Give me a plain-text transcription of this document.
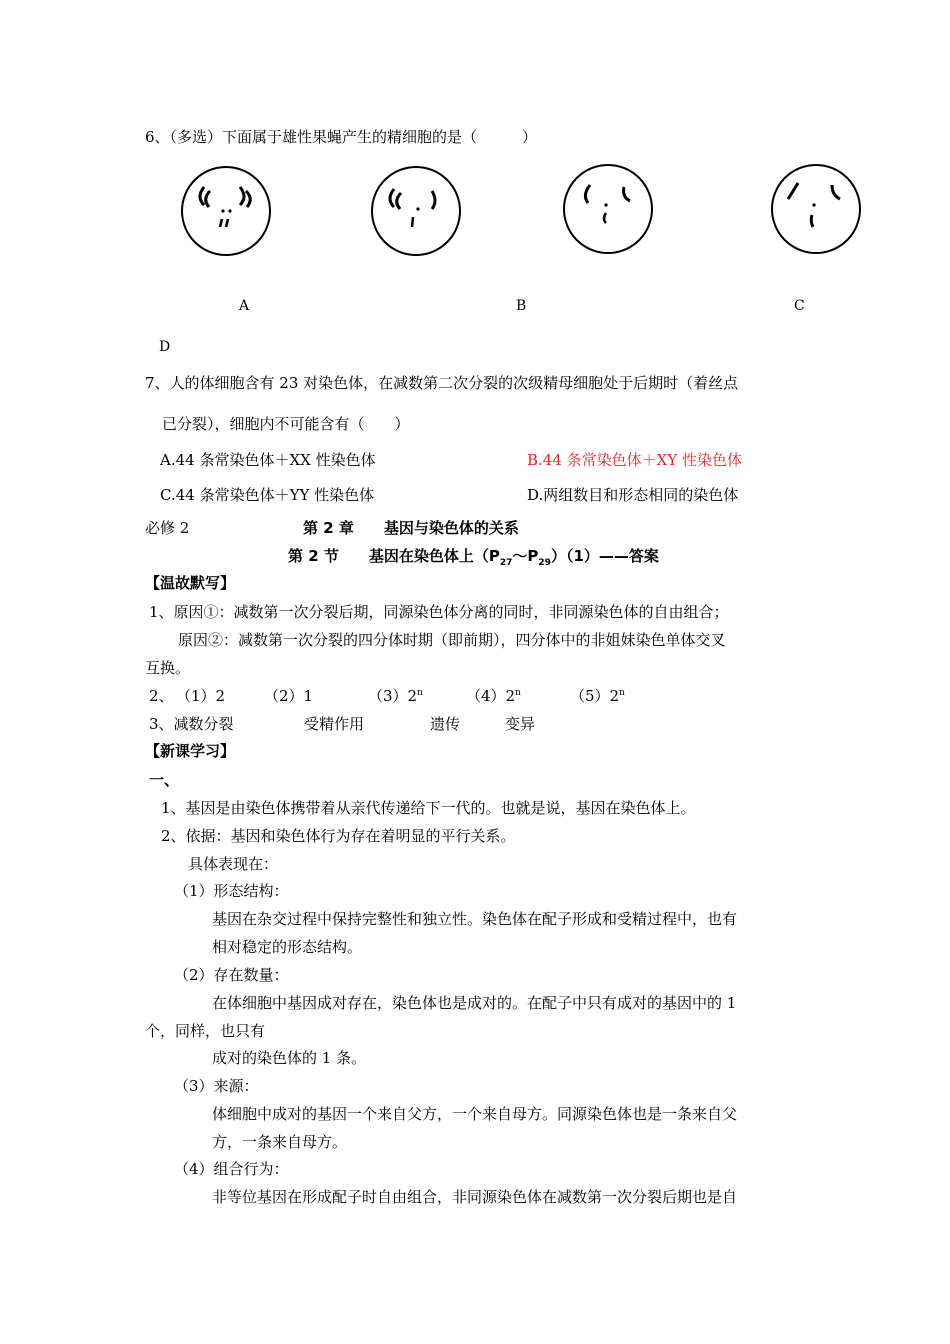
6、（多选）下面属于雄性果蝇产生的精细胞的是（　　　）
A	B	C
D
7、人的体细胞含有 23 对染色体，在减数第二次分裂的次级精母细胞处于后期时（着丝点
已分裂），细胞内不可能含有（　　）
A.44 条常染色体＋XX 性染色体	B.44 条常染色体＋XY 性染色体
C.44 条常染色体＋YY 性染色体	D.两组数目和形态相同的染色体
必修 2	第 2 章　　基因与染色体的关系
第 2 节　　基因在染色体上$(P_{27}\sim P_{29})(1)——$答案
【温故默写】
1、原因①：减数第一次分裂后期，同源染色体分离的同时，非同源染色体的自由组合；
原因②：减数第一次分裂的四分体时期（即前期），四分体中的非姐妹染色单体交叉
互换。
2、 （1）2	（2）1	（3）2$^n$	（4）2$^n$	（5）2$^n$
3、减数分裂	受精作用	遗传	变异
【新课学习】
一、
1、基因是由染色体携带着从亲代传递给下一代的。也就是说，基因在染色体上。
2、依据：基因和染色体行为存在着明显的平行关系。
具体表现在：
（1）形态结构：
基因在杂交过程中保持完整性和独立性。染色体在配子形成和受精过程中，也有
相对稳定的形态结构。
（2）存在数量：
在体细胞中基因成对存在，染色体也是成对的。在配子中只有成对的基因中的 1
个，同样，也只有
成对的染色体的 1 条。
（3）来源：
体细胞中成对的基因一个来自父方，一个来自母方。同源染色体也是一条来自父
方，一条来自母方。
（4）组合行为：
非等位基因在形成配子时自由组合，非同源染色体在减数第一次分裂后期也是自
